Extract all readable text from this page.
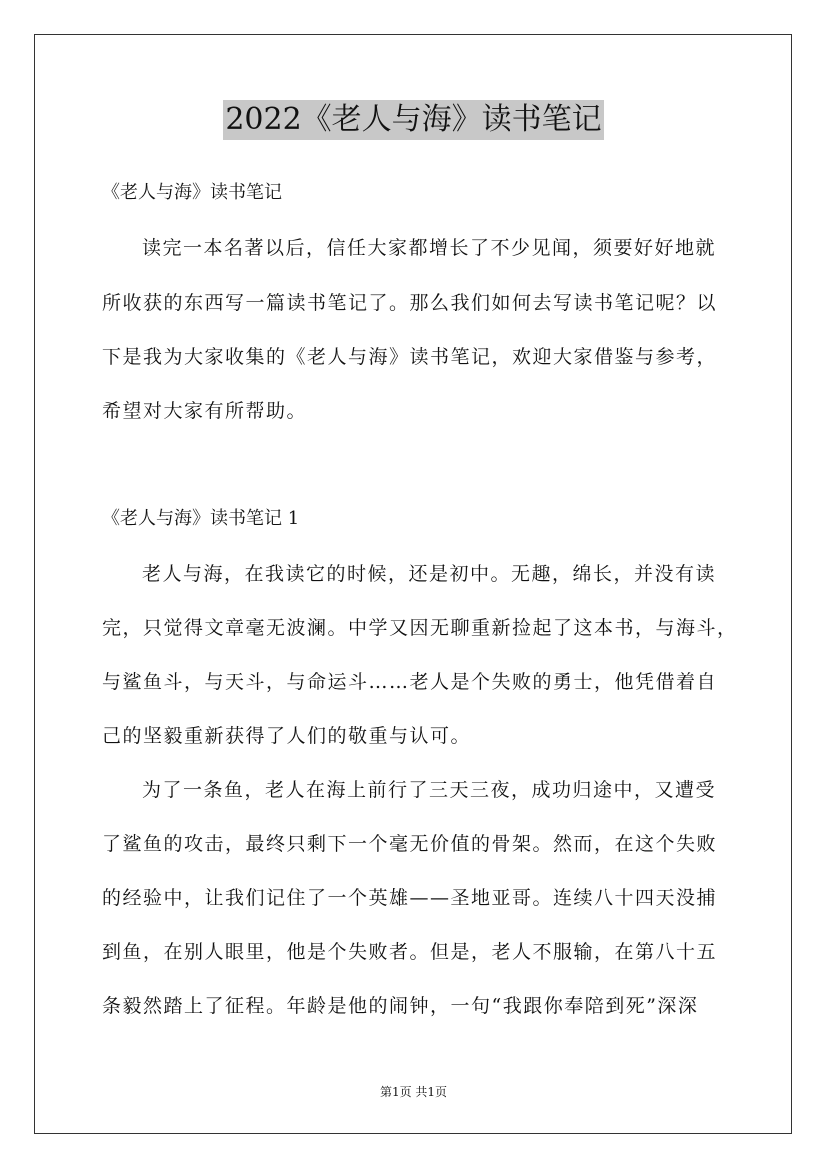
2022《老人与海》读书笔记
《老人与海》读书笔记
读完一本名著以后，信任大家都增长了不少见闻，须要好好地就
所收获的东西写一篇读书笔记了。那么我们如何去写读书笔记呢？以
下是我为大家收集的《老人与海》读书笔记，欢迎大家借鉴与参考，
希望对大家有所帮助。
《老人与海》读书笔记 1
老人与海，在我读它的时候，还是初中。无趣，绵长，并没有读
完，只觉得文章毫无波澜。中学又因无聊重新捡起了这本书，与海斗，
与鲨鱼斗，与天斗，与命运斗……老人是个失败的勇士，他凭借着自
己的坚毅重新获得了人们的敬重与认可。
为了一条鱼，老人在海上前行了三天三夜，成功归途中，又遭受
了鲨鱼的攻击，最终只剩下一个毫无价值的骨架。然而，在这个失败
的经验中，让我们记住了一个英雄——圣地亚哥。连续八十四天没捕
到鱼，在别人眼里，他是个失败者。但是，老人不服输，在第八十五
条毅然踏上了征程。年龄是他的闹钟，一句“我跟你奉陪到死”深深
第1页 共1页
